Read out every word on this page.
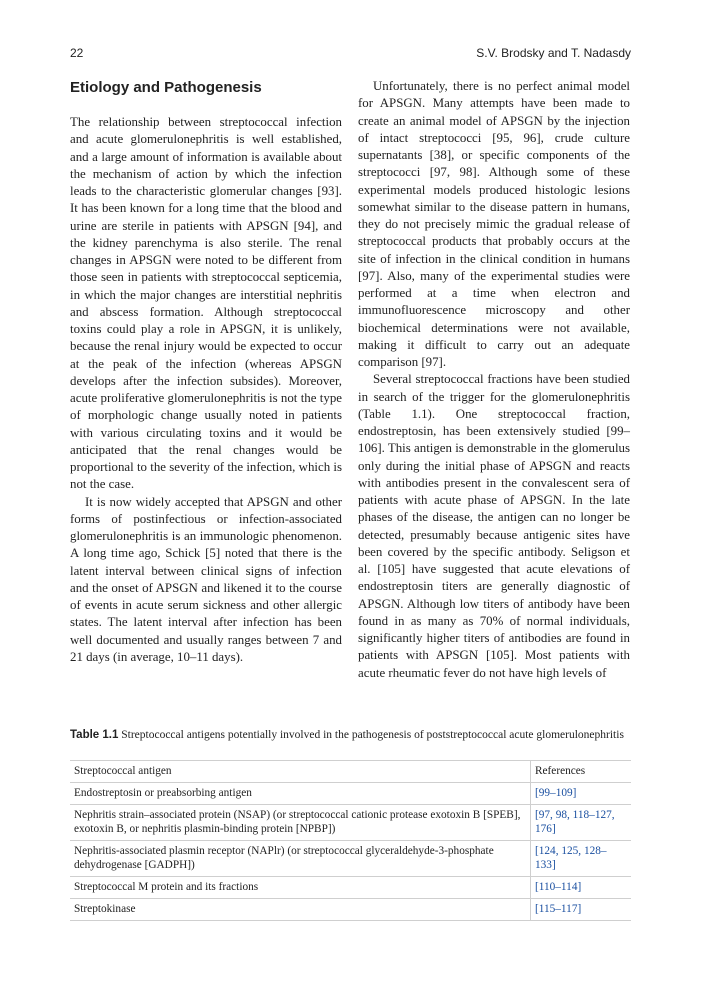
22	S.V. Brodsky and T. Nadasdy
Etiology and Pathogenesis

The relationship between streptococcal infection and acute glomerulonephritis is well established, and a large amount of information is available about the mechanism of action by which the infection leads to the characteristic glomerular changes [93]. It has been known for a long time that the blood and urine are sterile in patients with APSGN [94], and the kidney parenchyma is also sterile. The renal changes in APSGN were noted to be different from those seen in patients with streptococcal septicemia, in which the major changes are interstitial nephritis and abscess formation. Although streptococcal toxins could play a role in APSGN, it is unlikely, because the renal injury would be expected to occur at the peak of the infection (whereas APSGN develops after the infection subsides). Moreover, acute proliferative glomerulonephritis is not the type of morphologic change usually noted in patients with various circulating toxins and it would be anticipated that the renal changes would be proportional to the severity of the infection, which is not the case.

It is now widely accepted that APSGN and other forms of postinfectious or infection-associated glomerulonephritis is an immunologic phenomenon. A long time ago, Schick [5] noted that there is the latent interval between clinical signs of infection and the onset of APSGN and likened it to the course of events in acute serum sickness and other allergic states. The latent interval after infection has been well documented and usually ranges between 7 and 21 days (in average, 10–11 days).

Unfortunately, there is no perfect animal model for APSGN. Many attempts have been made to create an animal model of APSGN by the injection of intact streptococci [95, 96], crude culture supernatants [38], or specific components of the streptococci [97, 98]. Although some of these experimental models produced histologic lesions somewhat similar to the disease pattern in humans, they do not precisely mimic the gradual release of streptococcal products that probably occurs at the site of infection in the clinical condition in humans [97]. Also, many of the experimental studies were performed at a time when electron and immunofluorescence microscopy and other biochemical determinations were not available, making it difficult to carry out an adequate comparison [97].

Several streptococcal fractions have been studied in search of the trigger for the glomerulonephritis (Table 1.1). One streptococcal fraction, endostreptosin, has been extensively studied [99–106]. This antigen is demonstrable in the glomerulus only during the initial phase of APSGN and reacts with antibodies present in the convalescent sera of patients with acute phase of APSGN. In the late phases of the disease, the antigen can no longer be detected, presumably because antigenic sites have been covered by the specific antibody. Seligson et al. [105] have suggested that acute elevations of endostreptosin titers are generally diagnostic of APSGN. Although low titers of antibody have been found in as many as 70% of normal individuals, significantly higher titers of antibodies are found in patients with APSGN [105]. Most patients with acute rheumatic fever do not have high levels of

Table 1.1 Streptococcal antigens potentially involved in the pathogenesis of poststreptococcal acute glomerulonephritis
Streptococcal antigen	References
Endostreptosin or preabsorbing antigen	[99–109]
Nephritis strain–associated protein (NSAP) (or streptococcal cationic protease exotoxin B [SPEB], exotoxin B, or nephritis plasmin-binding protein [NPBP])	[97, 98, 118–127, 176]
Nephritis-associated plasmin receptor (NAPlr) (or streptococcal glyceraldehyde-3-phosphate dehydrogenase [GADPH])	[124, 125, 128–133]
Streptococcal M protein and its fractions	[110–114]
Streptokinase	[115–117]
